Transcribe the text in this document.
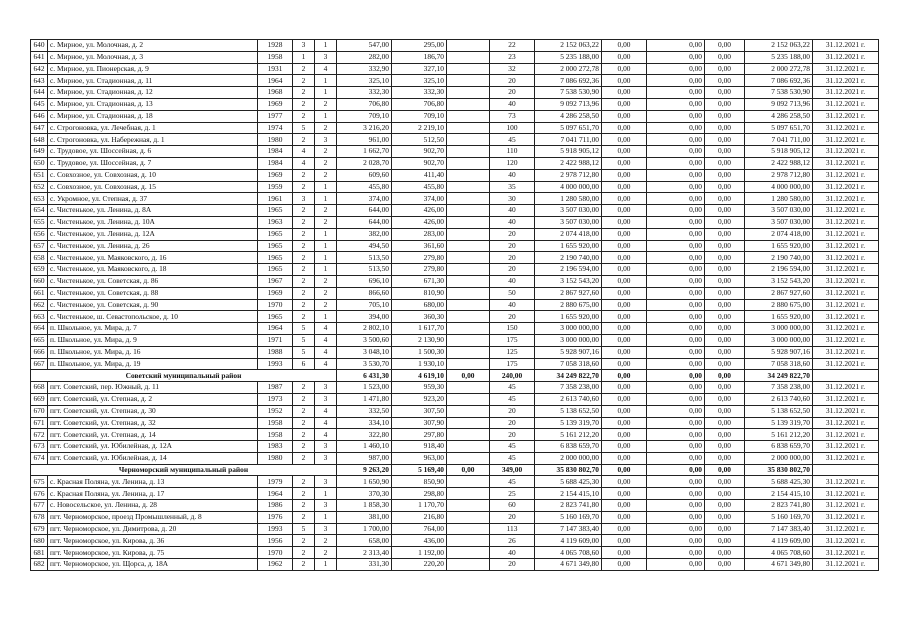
640	с. Мирное, ул. Молочная, д. 2	1928	3	1	547,00	295,00		22	2 152 063,22	0,00	0,00	0,00	2 152 063,22	31.12.2021 г.
641	с. Мирное, ул. Молочная, д. 3	1958	1	3	282,00	186,70		23	5 235 188,00	0,00	0,00	0,00	5 235 188,00	31.12.2021 г.
642	с. Мирное, ул. Пионерская, д. 9	1931	2	4	332,90	327,10		32	2 000 272,78	0,00	0,00	0,00	2 000 272,78	31.12.2021 г.
643	с. Мирное, ул. Стадионная, д. 11	1964	2	1	325,10	325,10		20	7 086 692,36	0,00	0,00	0,00	7 086 692,36	31.12.2021 г.
644	с. Мирное, ул. Стадионная, д. 12	1968	2	1	332,30	332,30		20	7 538 530,90	0,00	0,00	0,00	7 538 530,90	31.12.2021 г.
645	с. Мирное, ул. Стадионная, д. 13	1969	2	2	706,80	706,80		40	9 092 713,96	0,00	0,00	0,00	9 092 713,96	31.12.2021 г.
646	с. Мирное, ул. Стадионная, д. 18	1977	2	1	709,10	709,10		73	4 286 258,50	0,00	0,00	0,00	4 286 258,50	31.12.2021 г.
647	с. Строгоновка, ул. Лечебная, д. 1	1974	5	2	3 216,20	2 219,10		100	5 097 651,70	0,00	0,00	0,00	5 097 651,70	31.12.2021 г.
648	с. Строгоновка, ул. Набережная, д. 1	1980	2	3	961,00	512,50		45	7 041 711,00	0,00	0,00	0,00	7 041 711,00	31.12.2021 г.
649	с. Трудовое, ул. Шоссейная, д. 6	1984	4	2	1 662,70	902,70		110	5 918 905,12	0,00	0,00	0,00	5 918 905,12	31.12.2021 г.
650	с. Трудовое, ул. Шоссейная, д. 7	1984	4	2	2 028,70	902,70		120	2 422 988,12	0,00	0,00	0,00	2 422 988,12	31.12.2021 г.
651	с. Совхозное, ул. Совхозная, д. 10	1969	2	2	609,60	411,40		40	2 978 712,80	0,00	0,00	0,00	2 978 712,80	31.12.2021 г.
652	с. Совхозное, ул. Совхозная, д. 15	1959	2	1	455,80	455,80		35	4 000 000,00	0,00	0,00	0,00	4 000 000,00	31.12.2021 г.
653	с. Укромное, ул. Степная, д. 37	1961	3	1	374,00	374,00		30	1 280 580,00	0,00	0,00	0,00	1 280 580,00	31.12.2021 г.
654	с. Чистенькое, ул. Ленина, д. 8А	1965	2	2	644,00	426,00		40	3 507 030,00	0,00	0,00	0,00	3 507 030,00	31.12.2021 г.
655	с. Чистенькое, ул. Ленина, д. 10А	1963	2	2	644,00	426,00		40	3 507 030,00	0,00	0,00	0,00	3 507 030,00	31.12.2021 г.
656	с. Чистенькое, ул. Ленина, д. 12А	1965	2	1	382,00	283,00		20	2 074 418,00	0,00	0,00	0,00	2 074 418,00	31.12.2021 г.
657	с. Чистенькое, ул. Ленина, д. 26	1965	2	1	494,50	361,60		20	1 655 920,00	0,00	0,00	0,00	1 655 920,00	31.12.2021 г.
658	с. Чистенькое, ул. Маяковского, д. 16	1965	2	1	513,50	279,80		20	2 190 740,00	0,00	0,00	0,00	2 190 740,00	31.12.2021 г.
659	с. Чистенькое, ул. Маяковского, д. 18	1965	2	1	513,50	279,80		20	2 196 594,00	0,00	0,00	0,00	2 196 594,00	31.12.2021 г.
660	с. Чистенькое, ул. Советская, д. 86	1967	2	2	696,10	671,30		40	3 152 543,20	0,00	0,00	0,00	3 152 543,20	31.12.2021 г.
661	с. Чистенькое, ул. Советская, д. 88	1969	2	2	866,60	810,90		50	2 867 927,60	0,00	0,00	0,00	2 867 927,60	31.12.2021 г.
662	с. Чистенькое, ул. Советская, д. 90	1970	2	2	705,10	680,00		40	2 880 675,00	0,00	0,00	0,00	2 880 675,00	31.12.2021 г.
663	с. Чистенькое, ш. Севастопольское, д. 10	1965	2	1	394,00	360,30		20	1 655 920,00	0,00	0,00	0,00	1 655 920,00	31.12.2021 г.
664	п. Школьное, ул. Мира, д. 7	1964	5	4	2 802,10	1 617,70		150	3 000 000,00	0,00	0,00	0,00	3 000 000,00	31.12.2021 г.
665	п. Школьное, ул. Мира, д. 9	1971	5	4	3 500,60	2 130,90		175	3 000 000,00	0,00	0,00	0,00	3 000 000,00	31.12.2021 г.
666	п. Школьное, ул. Мира, д. 16	1988	5	4	3 048,10	1 500,30		125	5 928 907,16	0,00	0,00	0,00	5 928 907,16	31.12.2021 г.
667	п. Школьное, ул. Мира, д. 19	1993	6	4	3 530,70	1 930,10		175	7 058 318,60	0,00	0,00	0,00	7 058 318,60	31.12.2021 г.
Советский муниципальный район					6 431,30	4 619,10	0,00	240,00	34 249 822,70	0,00	0,00	0,00	34 249 822,70	
668	пгт. Советский, пер. Южный, д. 11	1987	2	3	1 523,00	959,30		45	7 358 238,00	0,00	0,00	0,00	7 358 238,00	31.12.2021 г.
669	пгт. Советский, ул. Степная, д. 2	1973	2	3	1 471,80	923,20		45	2 613 740,60	0,00	0,00	0,00	2 613 740,60	31.12.2021 г.
670	пгт. Советский, ул. Степная, д. 30	1952	2	4	332,50	307,50		20	5 138 652,50	0,00	0,00	0,00	5 138 652,50	31.12.2021 г.
671	пгт. Советский, ул. Степная, д. 32	1958	2	4	334,10	307,90		20	5 139 319,70	0,00	0,00	0,00	5 139 319,70	31.12.2021 г.
672	пгт. Советский, ул. Степная, д. 14	1958	2	4	322,80	297,80		20	5 161 212,20	0,00	0,00	0,00	5 161 212,20	31.12.2021 г.
673	пгт. Советский, ул. Юбилейная, д. 12А	1983	2	3	1 460,10	918,40		45	6 838 659,70	0,00	0,00	0,00	6 838 659,70	31.12.2021 г.
674	пгт. Советский, ул. Юбилейная, д. 14	1980	2	3	987,00	963,00		45	2 000 000,00	0,00	0,00	0,00	2 000 000,00	31.12.2021 г.
Черноморский муниципальный район					9 263,20	5 169,40	0,00	349,00	35 830 802,70	0,00	0,00	0,00	35 830 802,70	
675	с. Красная Поляна, ул. Ленина, д. 13	1979	2	3	1 650,90	850,90		45	5 688 425,30	0,00	0,00	0,00	5 688 425,30	31.12.2021 г.
676	с. Красная Поляна, ул. Ленина, д. 17	1964	2	1	370,30	298,80		25	2 154 415,10	0,00	0,00	0,00	2 154 415,10	31.12.2021 г.
677	с. Новосельское, ул. Ленина, д. 28	1986	2	3	1 858,30	1 170,70		60	2 823 741,80	0,00	0,00	0,00	2 823 741,80	31.12.2021 г.
678	пгт. Черноморское, проезд Промышленный, д. 8	1976	2	1	381,00	216,80		20	5 160 169,70	0,00	0,00	0,00	5 160 169,70	31.12.2021 г.
679	пгт. Черноморское, ул. Димитрова, д. 20	1993	5	3	1 700,00	764,00		113	7 147 383,40	0,00	0,00	0,00	7 147 383,40	31.12.2021 г.
680	пгт. Черноморское, ул. Кирова, д. 36	1956	2	2	658,00	436,00		26	4 119 609,00	0,00	0,00	0,00	4 119 609,00	31.12.2021 г.
681	пгт. Черноморское, ул. Кирова, д. 75	1970	2	2	2 313,40	1 192,00		40	4 065 708,60	0,00	0,00	0,00	4 065 708,60	31.12.2021 г.
682	пгт. Черноморское, ул. Щорса, д. 18А	1962	2	1	331,30	220,20		20	4 671 349,80	0,00	0,00	0,00	4 671 349,80	31.12.2021 г.
